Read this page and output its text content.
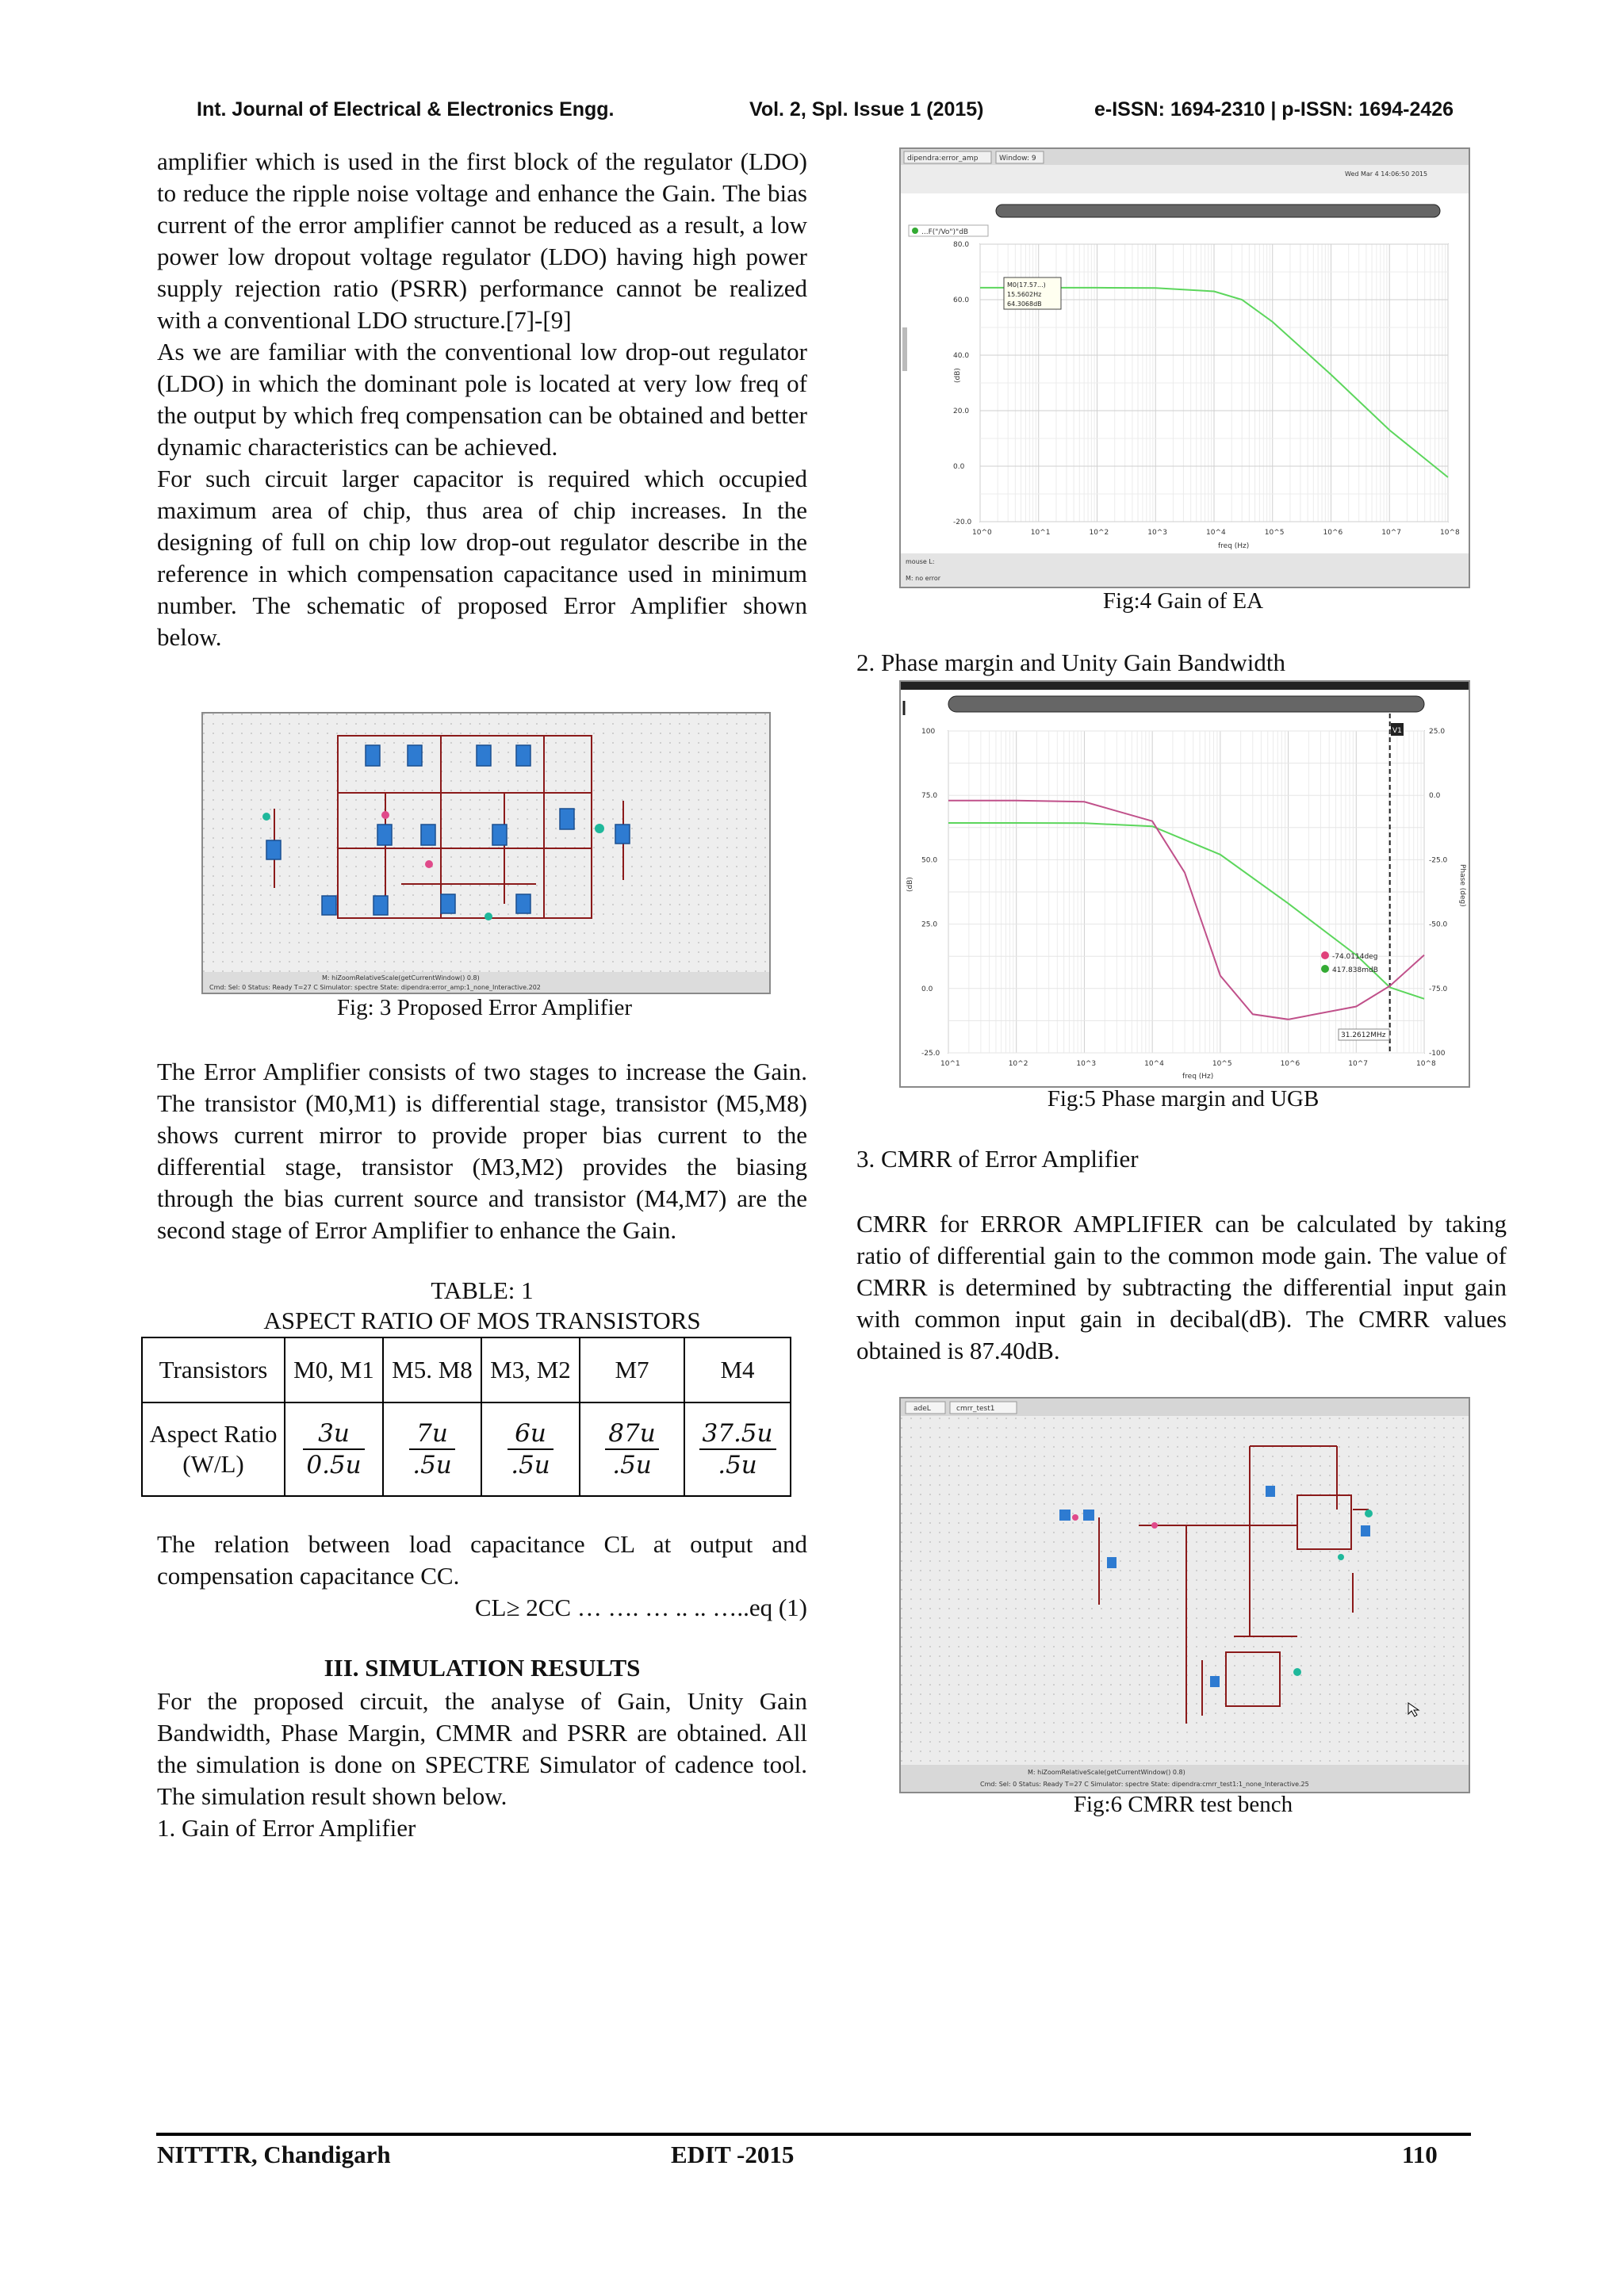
Int. Journal of Electrical & Electronics Engg.	Vol. 2, Spl. Issue 1 (2015)	e-ISSN: 1694-2310 | p-ISSN: 1694-2426

amplifier which is used in the first block of the regulator (LDO) to reduce the ripple noise voltage and enhance the Gain. The bias current of the error amplifier cannot be reduced as a result, a low power low dropout voltage regulator (LDO) having high power supply rejection ratio (PSRR) performance cannot be realized with a conventional LDO structure.[7]-[9]

As we are familiar with the conventional low drop-out regulator (LDO) in which the dominant pole is located at very low freq of the output by which freq compensation can be obtained and better dynamic characteristics can be achieved.

For such circuit larger capacitor is required which occupied maximum area of chip, thus area of chip increases. In the designing of full on chip low drop-out regulator describe in the reference in which compensation capacitance used in minimum number. The schematic of proposed Error Amplifier shown below.

M: hiZoomRelativeScale(getCurrentWindow() 0.8)
Cmd: Sel: 0 Status: Ready T=27 C Simulator: spectre State: dipendra:error_amp:1_none_Interactive.202
Fig: 3 Proposed Error Amplifier

The Error Amplifier consists of two stages to increase the Gain. The transistor (M0,M1) is differential stage, transistor (M5,M8) shows current mirror to provide proper bias current to the differential stage, transistor (M3,M2) provides the biasing through the bias current source and transistor (M4,M7) are the second stage of Error Amplifier to enhance the Gain.

TABLE: 1
ASPECT RATIO OF MOS TRANSISTORS
Transistors	M0, M1	M5. M8	M3, M2	M7	M4
Aspect Ratio (W/L)	$\frac{3u}{0.5u}$	$\frac{7u}{.5u}$	$\frac{6u}{.5u}$	$\frac{87u}{.5u}$	$\frac{37.5u}{.5u}$

The relation between load capacitance CL at output and compensation capacitance CC.

CL≥ 2CC … …. … .. .. …..eq (1)
III. SIMULATION RESULTS

For the proposed circuit, the analyse of Gain, Unity Gain Bandwidth, Phase Margin, CMMR and PSRR are obtained. All the simulation is done on SPECTRE Simulator of cadence tool. The simulation result shown below.

1. Gain of Error Amplifier

dipendra:error_amp	Window: 9
Wed Mar 4 14:06:50 2015
...F("/Vo")"dB
80.0
60.0
40.0
20.0
0.0
-20.0
10^0	10^1	10^2	10^3	10^4	10^5	10^6	10^7	10^8
freq (Hz)
(dB)
M0(17.57...)
15.5602Hz
64.3068dB
mouse L:
M: no error
Fig:4 Gain of EA
2. Phase margin and Unity Gain Bandwidth
V1
100
75.0
50.0
25.0
0.0
-25.0
25.0
0.0
-25.0
-50.0
-75.0
-100
10^1	10^2	10^3	10^4	10^5	10^6	10^7	10^8
freq (Hz)
(dB)	Phase (deg)
-74.0114deg
417.838mdB
31.2612MHz
Fig:5 Phase margin and UGB
3. CMRR of Error Amplifier

CMRR for ERROR AMPLIFIER can be calculated by taking ratio of differential gain to the common mode gain. The value of CMRR is determined by subtracting the differential input gain with common input gain in decibal(dB). The CMRR values obtained is 87.40dB.

adeL	cmrr_test1
M: hiZoomRelativeScale(getCurrentWindow() 0.8)
Cmd: Sel: 0 Status: Ready T=27 C Simulator: spectre State: dipendra:cmrr_test1:1_none_Interactive.25
Fig:6 CMRR test bench
NITTTR, Chandigarh	EDIT -2015	110
